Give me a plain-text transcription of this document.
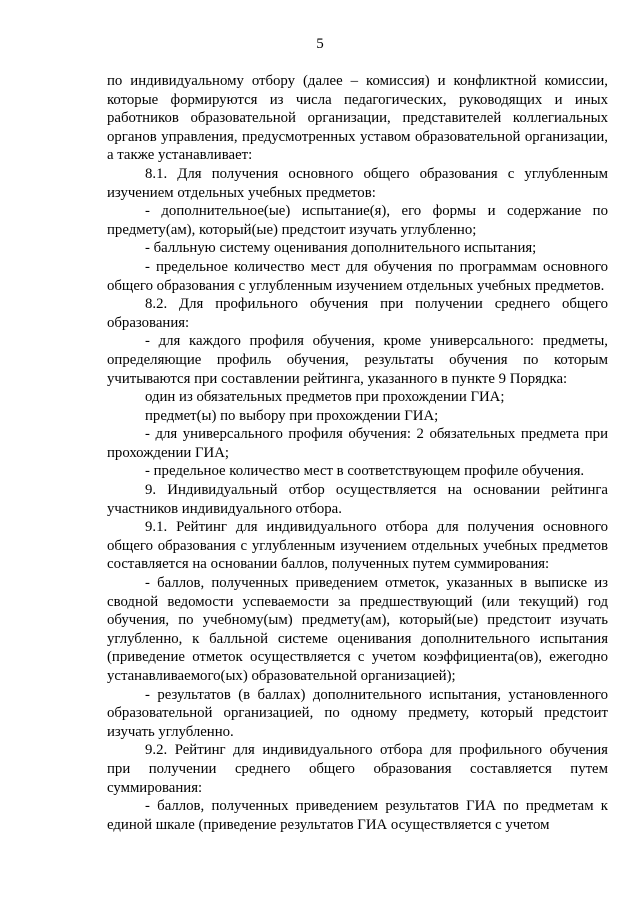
5

по индивидуальному отбору (далее – комиссия) и конфликтной комиссии, которые формируются из числа педагогических, руководящих и иных работников образовательной организации, представителей коллегиальных органов управления, предусмотренных уставом образовательной организации, а также устанавливает:

8.1. Для получения основного общего образования с углубленным изучением отдельных учебных предметов:

- дополнительное(ые) испытание(я), его формы и содержание по предмету(ам), который(ые) предстоит изучать углубленно;

- балльную систему оценивания дополнительного испытания;

- предельное количество мест для обучения по программам основного общего образования с углубленным изучением отдельных учебных предметов.

8.2. Для профильного обучения при получении среднего общего образования:

- для каждого профиля обучения, кроме универсального: предметы, определяющие профиль обучения, результаты обучения по которым учитываются при составлении рейтинга, указанного в пункте 9 Порядка:

один из обязательных предметов при прохождении ГИА;

предмет(ы) по выбору при прохождении ГИА;

- для универсального профиля обучения: 2 обязательных предмета при прохождении ГИА;

- предельное количество мест в соответствующем профиле обучения.

9. Индивидуальный отбор осуществляется на основании рейтинга участников индивидуального отбора.

9.1. Рейтинг для индивидуального отбора для получения основного общего образования с углубленным изучением отдельных учебных предметов составляется на основании баллов, полученных путем суммирования:

- баллов, полученных приведением отметок, указанных в выписке из сводной ведомости успеваемости за предшествующий (или текущий) год обучения, по учебному(ым) предмету(ам), который(ые) предстоит изучать углубленно, к балльной системе оценивания дополнительного испытания (приведение отметок осуществляется с учетом коэффициента(ов), ежегодно устанавливаемого(ых) образовательной организацией);

- результатов (в баллах) дополнительного испытания, установленного образовательной организацией, по одному предмету, который предстоит изучать углубленно.

9.2. Рейтинг для индивидуального отбора для профильного обучения при получении среднего общего образования составляется путем суммирования:

- баллов, полученных приведением результатов ГИА по предметам к единой шкале (приведение результатов ГИА осуществляется с учетом
